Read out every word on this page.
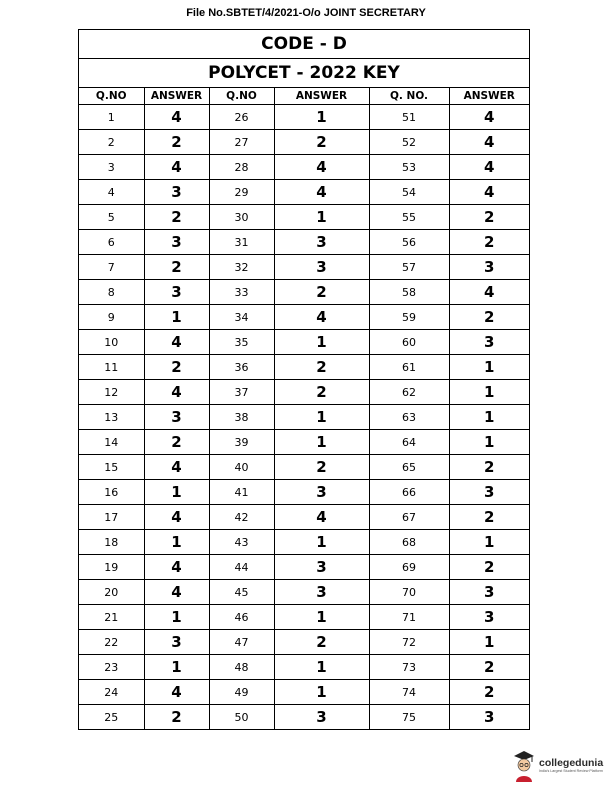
File No.SBTET/4/2021-O/o JOINT SECRETARY
CODE - D
POLYCET - 2022 KEY
Q.NO	ANSWER	Q.NO	ANSWER	Q. NO.	ANSWER
1	4	26	1	51	4
2	2	27	2	52	4
3	4	28	4	53	4
4	3	29	4	54	4
5	2	30	1	55	2
6	3	31	3	56	2
7	2	32	3	57	3
8	3	33	2	58	4
9	1	34	4	59	2
10	4	35	1	60	3
11	2	36	2	61	1
12	4	37	2	62	1
13	3	38	1	63	1
14	2	39	1	64	1
15	4	40	2	65	2
16	1	41	3	66	3
17	4	42	4	67	2
18	1	43	1	68	1
19	4	44	3	69	2
20	4	45	3	70	3
21	1	46	1	71	3
22	3	47	2	72	1
23	1	48	1	73	2
24	4	49	1	74	2
25	2	50	3	75	3
collegedunia
India's Largest Student Review Platform
